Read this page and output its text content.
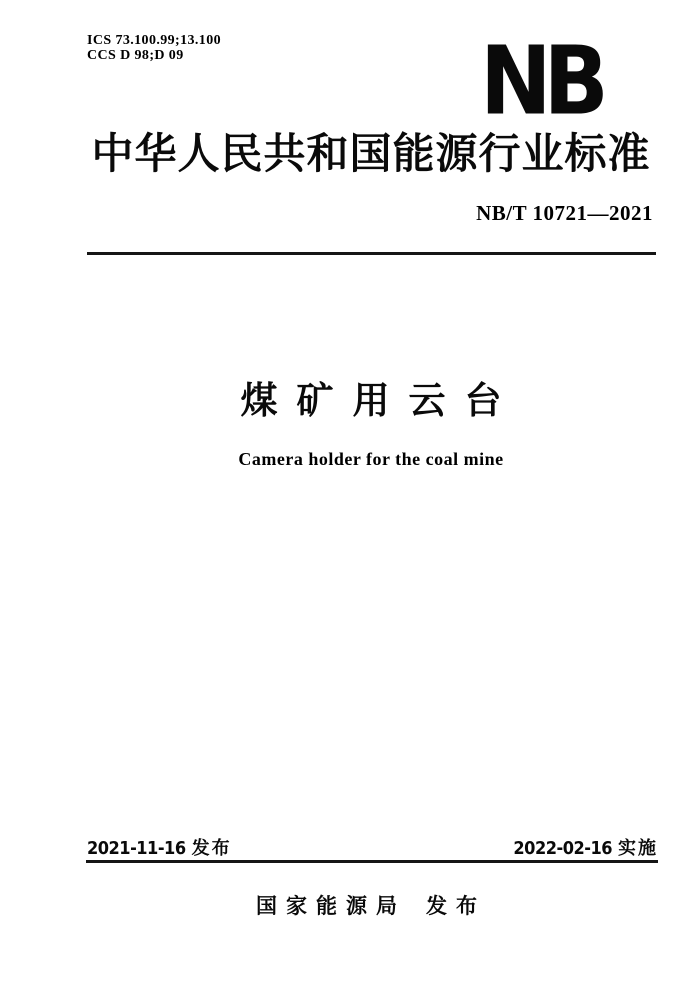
ICS 73.100.99;13.100
CCS D 98;D 09	NB
中华人民共和国能源行业标准
NB/T 10721—2021
煤矿用云台
Camera holder for the coal mine
2021-11-16 发布	2022-02-16 实施
国家能源局 发布
